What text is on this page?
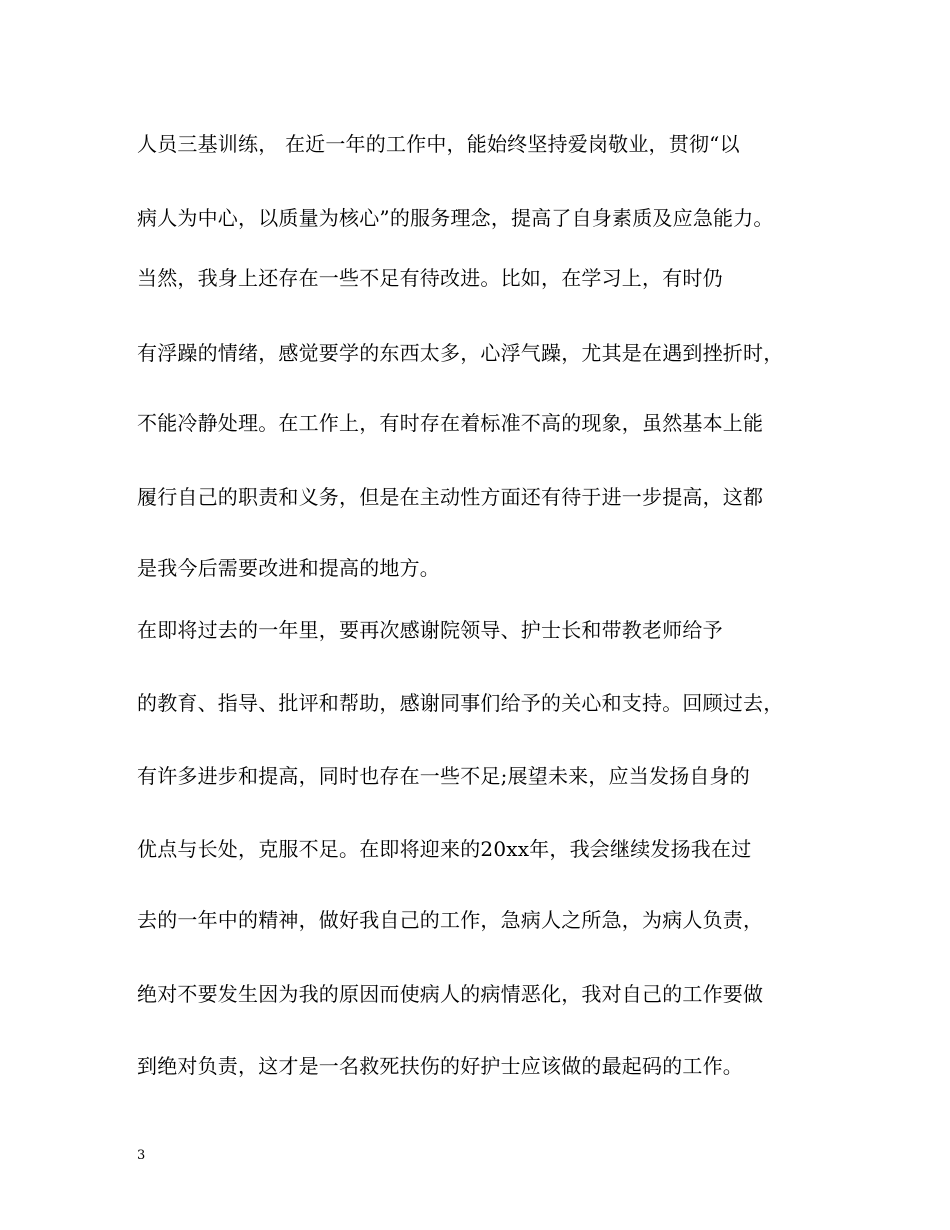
人员三基训练， 在近一年的工作中，能始终坚持爱岗敬业，贯彻“以
病人为中心，以质量为核心”的服务理念，提高了自身素质及应急能力。
当然，我身上还存在一些不足有待改进。比如，在学习上，有时仍
有浮躁的情绪，感觉要学的东西太多，心浮气躁，尤其是在遇到挫折时，
不能冷静处理。在工作上，有时存在着标准不高的现象，虽然基本上能
履行自己的职责和义务，但是在主动性方面还有待于进一步提高，这都
是我今后需要改进和提高的地方。
在即将过去的一年里，要再次感谢院领导、护士长和带教老师给予
的教育、指导、批评和帮助，感谢同事们给予的关心和支持。回顾过去，
有许多进步和提高，同时也存在一些不足;展望未来，应当发扬自身的
优点与长处，克服不足。在即将迎来的20xx年，我会继续发扬我在过
去的一年中的精神，做好我自己的工作，急病人之所急，为病人负责，
绝对不要发生因为我的原因而使病人的病情恶化，我对自己的工作要做
到绝对负责，这才是一名救死扶伤的好护士应该做的最起码的工作。
3
